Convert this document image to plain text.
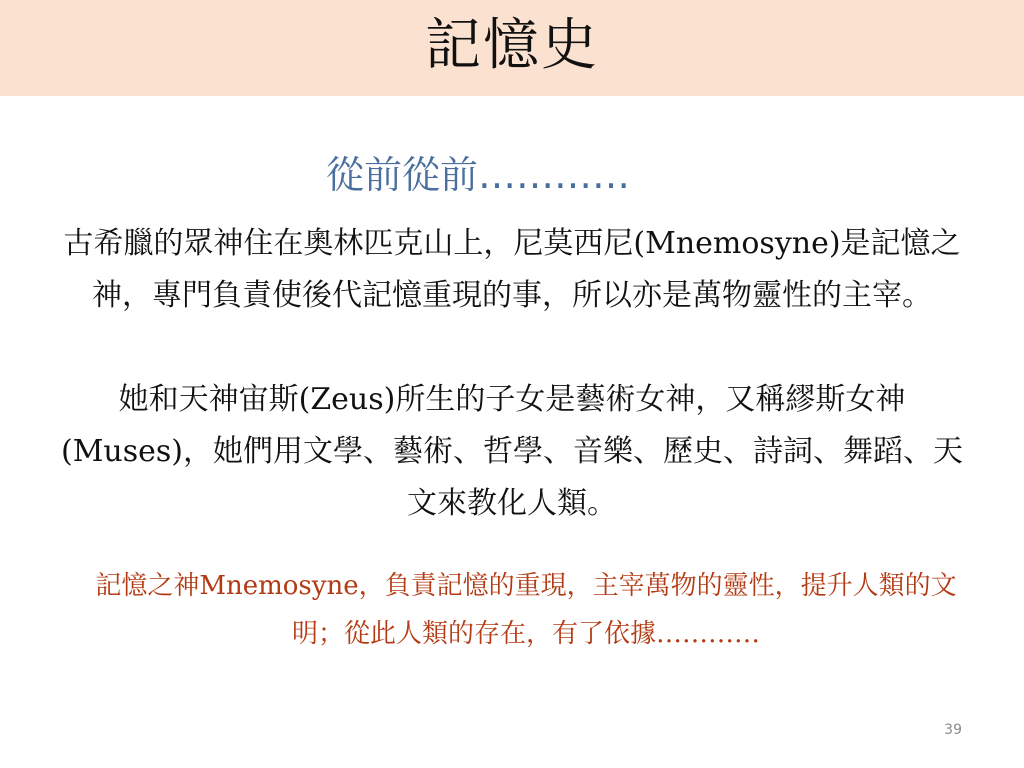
記憶史
從前從前…………
古希臘的眾神住在奧林匹克山上，尼莫西尼(Mnemosyne)是記憶之神，專門負責使後代記憶重現的事，所以亦是萬物靈性的主宰。
她和天神宙斯(Zeus)所生的子女是藝術女神，又稱繆斯女神(Muses)，她們用文學、藝術、哲學、音樂、歷史、詩詞、舞蹈、天文來教化人類。
記憶之神Mnemosyne，負責記憶的重現，主宰萬物的靈性，提升人類的文明；從此人類的存在，有了依據…………
39
